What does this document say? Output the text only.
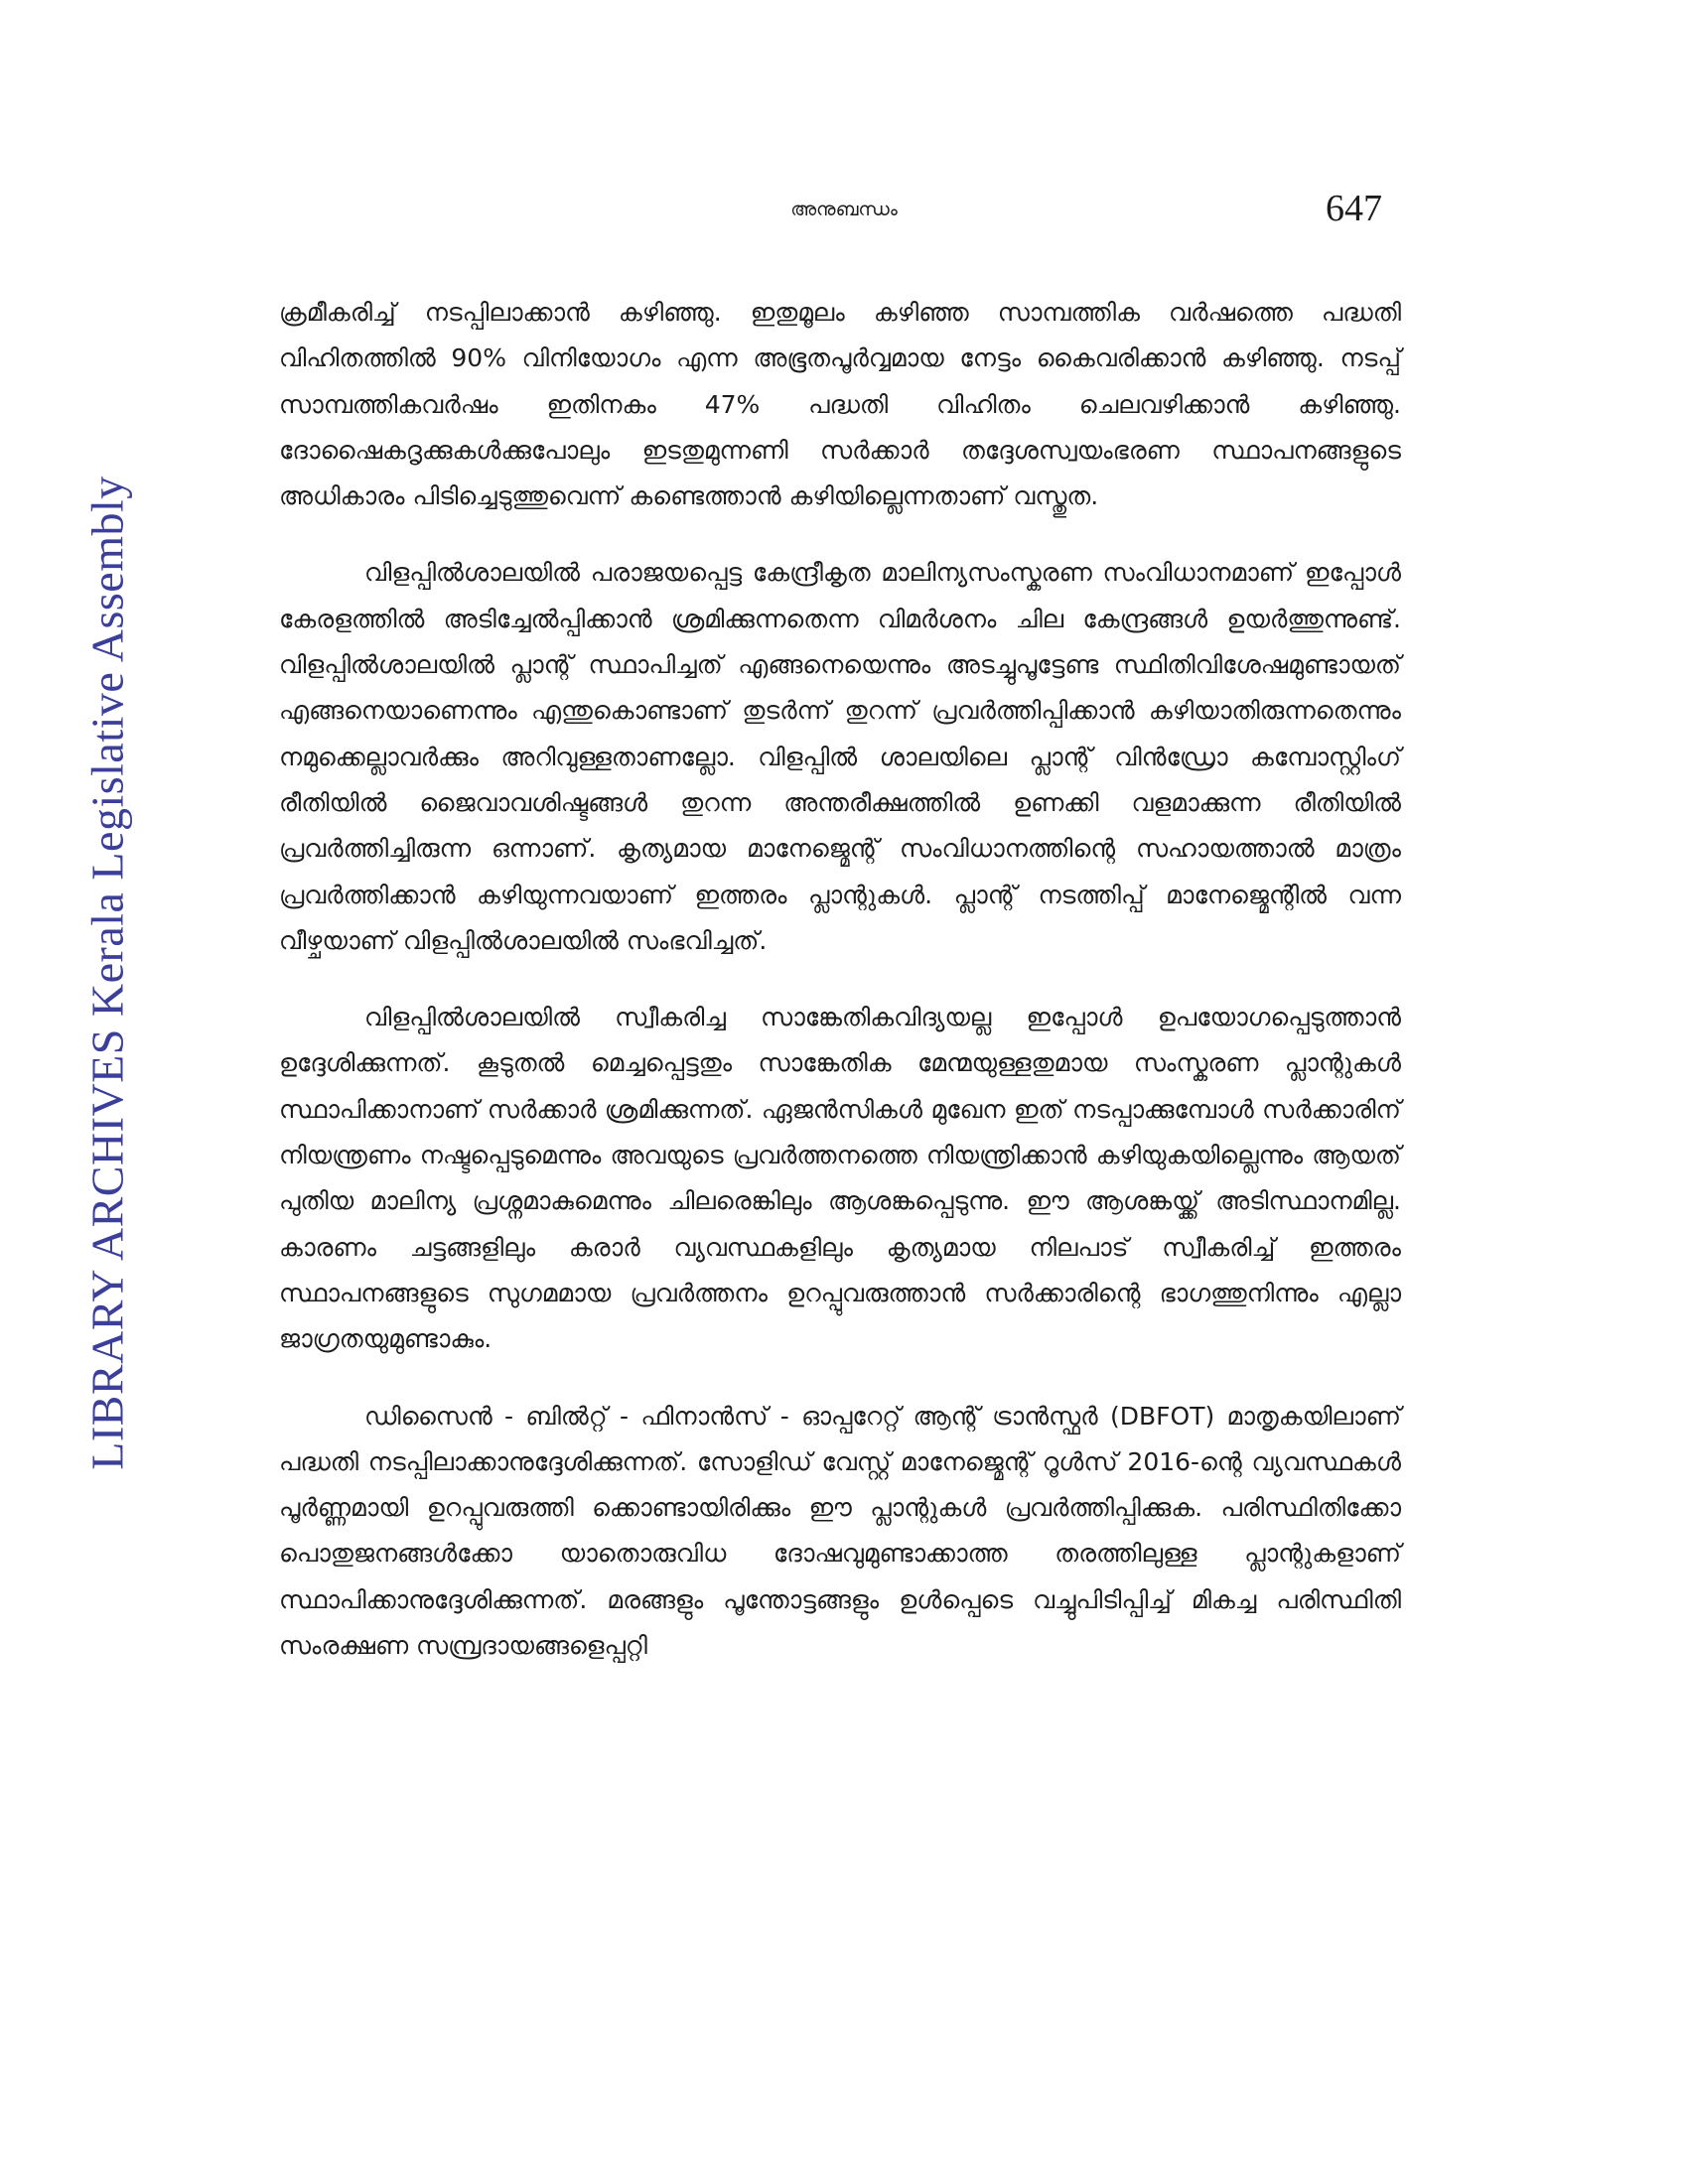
LIBRARY ARCHIVES Kerala Legislative Assembly
അനുബന്ധം	647

ക്രമീകരിച്ച് നടപ്പിലാക്കാൻ കഴിഞ്ഞു. ഇതുമൂലം കഴിഞ്ഞ സാമ്പത്തിക വർഷത്തെ പദ്ധതി വിഹിതത്തിൽ 90% വിനിയോഗം എന്ന അഭൂതപൂർവ്വമായ നേട്ടം കൈവരിക്കാൻ കഴിഞ്ഞു. നടപ്പ് സാമ്പത്തികവർഷം ഇതിനകം 47% പദ്ധതി വിഹിതം ചെലവഴിക്കാൻ കഴിഞ്ഞു. ദോഷൈകദൃക്കുകൾക്കുപോലും ഇടതുമുന്നണി സർക്കാർ തദ്ദേശസ്വയംഭരണ സ്ഥാപനങ്ങളുടെ അധികാരം പിടിച്ചെടുത്തുവെന്ന് കണ്ടെത്താൻ കഴിയില്ലെന്നതാണ് വസ്തുത.

വിളപ്പിൽശാലയിൽ പരാജയപ്പെട്ട കേന്ദ്രീകൃത മാലിന്യസംസ്കരണ സംവിധാനമാണ് ഇപ്പോൾ കേരളത്തിൽ അടിച്ചേൽപ്പിക്കാൻ ശ്രമിക്കുന്നതെന്ന വിമർശനം ചില കേന്ദ്രങ്ങൾ ഉയർത്തുന്നുണ്ട്. വിളപ്പിൽശാലയിൽ പ്ലാന്റ് സ്ഥാപിച്ചത് എങ്ങനെയെന്നും അടച്ചുപൂട്ടേണ്ട സ്ഥിതിവിശേഷമുണ്ടായത് എങ്ങനെയാണെന്നും എന്തുകൊണ്ടാണ് തുടർന്ന് തുറന്ന് പ്രവർത്തിപ്പിക്കാൻ കഴിയാതിരുന്നതെന്നും നമുക്കെല്ലാവർക്കും അറിവുള്ളതാണല്ലോ. വിളപ്പിൽ ശാലയിലെ പ്ലാന്റ് വിൻഡ്രോ കമ്പോസ്റ്റിംഗ് രീതിയിൽ ജൈവാവശിഷ്ടങ്ങൾ തുറന്ന അന്തരീക്ഷത്തിൽ ഉണക്കി വളമാക്കുന്ന രീതിയിൽ പ്രവർത്തിച്ചിരുന്ന ഒന്നാണ്. കൃത്യമായ മാനേജ്മെന്റ് സംവിധാനത്തിന്റെ സഹായത്താൽ മാത്രം പ്രവർത്തിക്കാൻ കഴിയുന്നവയാണ് ഇത്തരം പ്ലാന്റുകൾ. പ്ലാന്റ് നടത്തിപ്പ് മാനേജ്മെന്റിൽ വന്ന വീഴ്ചയാണ് വിളപ്പിൽശാലയിൽ സംഭവിച്ചത്.

വിളപ്പിൽശാലയിൽ സ്വീകരിച്ച സാങ്കേതികവിദ്യയല്ല ഇപ്പോൾ ഉപയോഗപ്പെടുത്താൻ ഉദ്ദേശിക്കുന്നത്. കൂടുതൽ മെച്ചപ്പെട്ടതും സാങ്കേതിക മേന്മയുള്ളതുമായ സംസ്കരണ പ്ലാന്റുകൾ സ്ഥാപിക്കാനാണ് സർക്കാർ ശ്രമിക്കുന്നത്. ഏജൻസികൾ മുഖേന ഇത് നടപ്പാക്കുമ്പോൾ സർക്കാരിന് നിയന്ത്രണം നഷ്ടപ്പെടുമെന്നും അവയുടെ പ്രവർത്തനത്തെ നിയന്ത്രിക്കാൻ കഴിയുകയില്ലെന്നും ആയത് പുതിയ മാലിന്യ പ്രശ്നമാകുമെന്നും ചിലരെങ്കിലും ആശങ്കപ്പെടുന്നു. ഈ ആശങ്കയ്ക്ക് അടിസ്ഥാനമില്ല. കാരണം ചട്ടങ്ങളിലും കരാർ വ്യവസ്ഥകളിലും കൃത്യമായ നിലപാട് സ്വീകരിച്ച് ഇത്തരം സ്ഥാപനങ്ങളുടെ സുഗമമായ പ്രവർത്തനം ഉറപ്പുവരുത്താൻ സർക്കാരിന്റെ ഭാഗത്തുനിന്നും എല്ലാ ജാഗ്രതയുമുണ്ടാകും.

ഡിസൈൻ - ബിൽറ്റ് - ഫിനാൻസ് - ഓപ്പറേറ്റ് ആന്റ് ട്രാൻസ്ഫർ (DBFOT) മാതൃകയിലാണ് പദ്ധതി നടപ്പിലാക്കാനുദ്ദേശിക്കുന്നത്. സോളിഡ് വേസ്റ്റ് മാനേജ്മെന്റ് റൂൾസ് 2016-ന്റെ വ്യവസ്ഥകൾ പൂർണ്ണമായി ഉറപ്പുവരുത്തി ക്കൊണ്ടായിരിക്കും ഈ പ്ലാന്റുകൾ പ്രവർത്തിപ്പിക്കുക. പരിസ്ഥിതിക്കോ പൊതുജനങ്ങൾക്കോ യാതൊരുവിധ ദോഷവുമുണ്ടാക്കാത്ത തരത്തിലുള്ള പ്ലാന്റുകളാണ് സ്ഥാപിക്കാനുദ്ദേശിക്കുന്നത്. മരങ്ങളും പൂന്തോട്ടങ്ങളും ഉൾപ്പെടെ വച്ചുപിടിപ്പിച്ച് മികച്ച പരിസ്ഥിതി സംരക്ഷണ സമ്പ്രദായങ്ങളെപ്പറ്റി
